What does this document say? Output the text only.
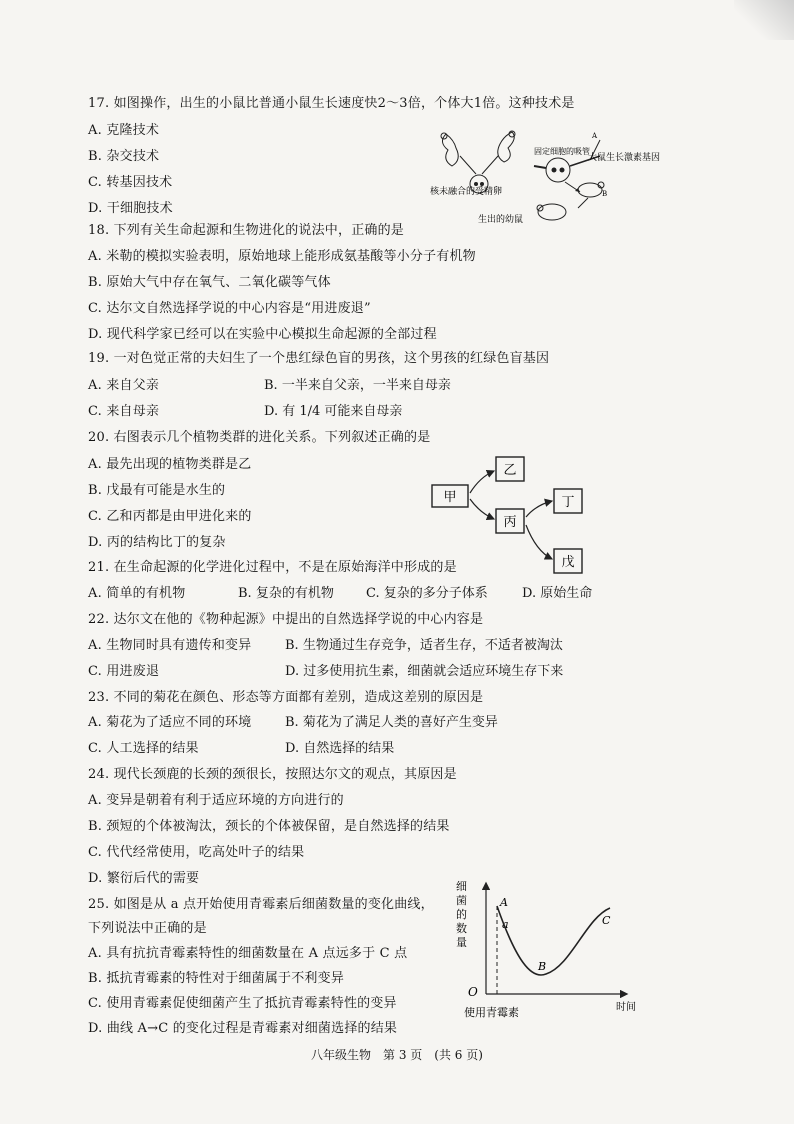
17. 如图操作，出生的小鼠比普通小鼠生长速度快2～3倍，个体大1倍。这种技术是
A. 克隆技术
B. 杂交技术
C. 转基因技术
D. 干细胞技术
A
大鼠生长激素基因
固定细胞的吸管
B
核未融合的受精卵
生出的幼鼠
18. 下列有关生命起源和生物进化的说法中，正确的是
A. 米勒的模拟实验表明，原始地球上能形成氨基酸等小分子有机物
B. 原始大气中存在氧气、二氧化碳等气体
C. 达尔文自然选择学说的中心内容是“用进废退”
D. 现代科学家已经可以在实验中心模拟生命起源的全部过程
19. 一对色觉正常的夫妇生了一个患红绿色盲的男孩，这个男孩的红绿色盲基因
A. 来自父亲	B. 一半来自父亲，一半来自母亲
C. 来自母亲	D. 有 1/4 可能来自母亲
20. 右图表示几个植物类群的进化关系。下列叙述正确的是
A. 最先出现的植物类群是乙
B. 戊最有可能是水生的
C. 乙和丙都是由甲进化来的
D. 丙的结构比丁的复杂
甲
乙
丙
丁
戊
21. 在生命起源的化学进化过程中，不是在原始海洋中形成的是
A. 简单的有机物	B. 复杂的有机物 C. 复杂的多分子体系	D. 原始生命
22. 达尔文在他的《物种起源》中提出的自然选择学说的中心内容是
A. 生物同时具有遗传和变异	B. 生物通过生存竞争，适者生存，不适者被淘汰
C. 用进废退	D. 过多使用抗生素，细菌就会适应环境生存下来
23. 不同的菊花在颜色、形态等方面都有差别，造成这差别的原因是
A. 菊花为了适应不同的环境	B. 菊花为了满足人类的喜好产生变异
C. 人工选择的结果	D. 自然选择的结果
24. 现代长颈鹿的长颈的颈很长，按照达尔文的观点，其原因是
A. 变异是朝着有利于适应环境的方向进行的
B. 颈短的个体被淘汰，颈长的个体被保留，是自然选择的结果
C. 代代经常使用，吃高处叶子的结果
D. 繁衍后代的需要
25. 如图是从 a 点开始使用青霉素后细菌数量的变化曲线，
下列说法中正确的是
A. 具有抗抗青霉素特性的细菌数量在 A 点远多于 C 点
B. 抵抗青霉素的特性对于细菌属于不利变异
C. 使用青霉素促使细菌产生了抵抗青霉素特性的变异
D. 曲线 A→C 的变化过程是青霉素对细菌选择的结果
细
菌
的
数
量
O
a
A
B
C
时间
使用青霉素
八年级生物　第 3 页　(共 6 页)
